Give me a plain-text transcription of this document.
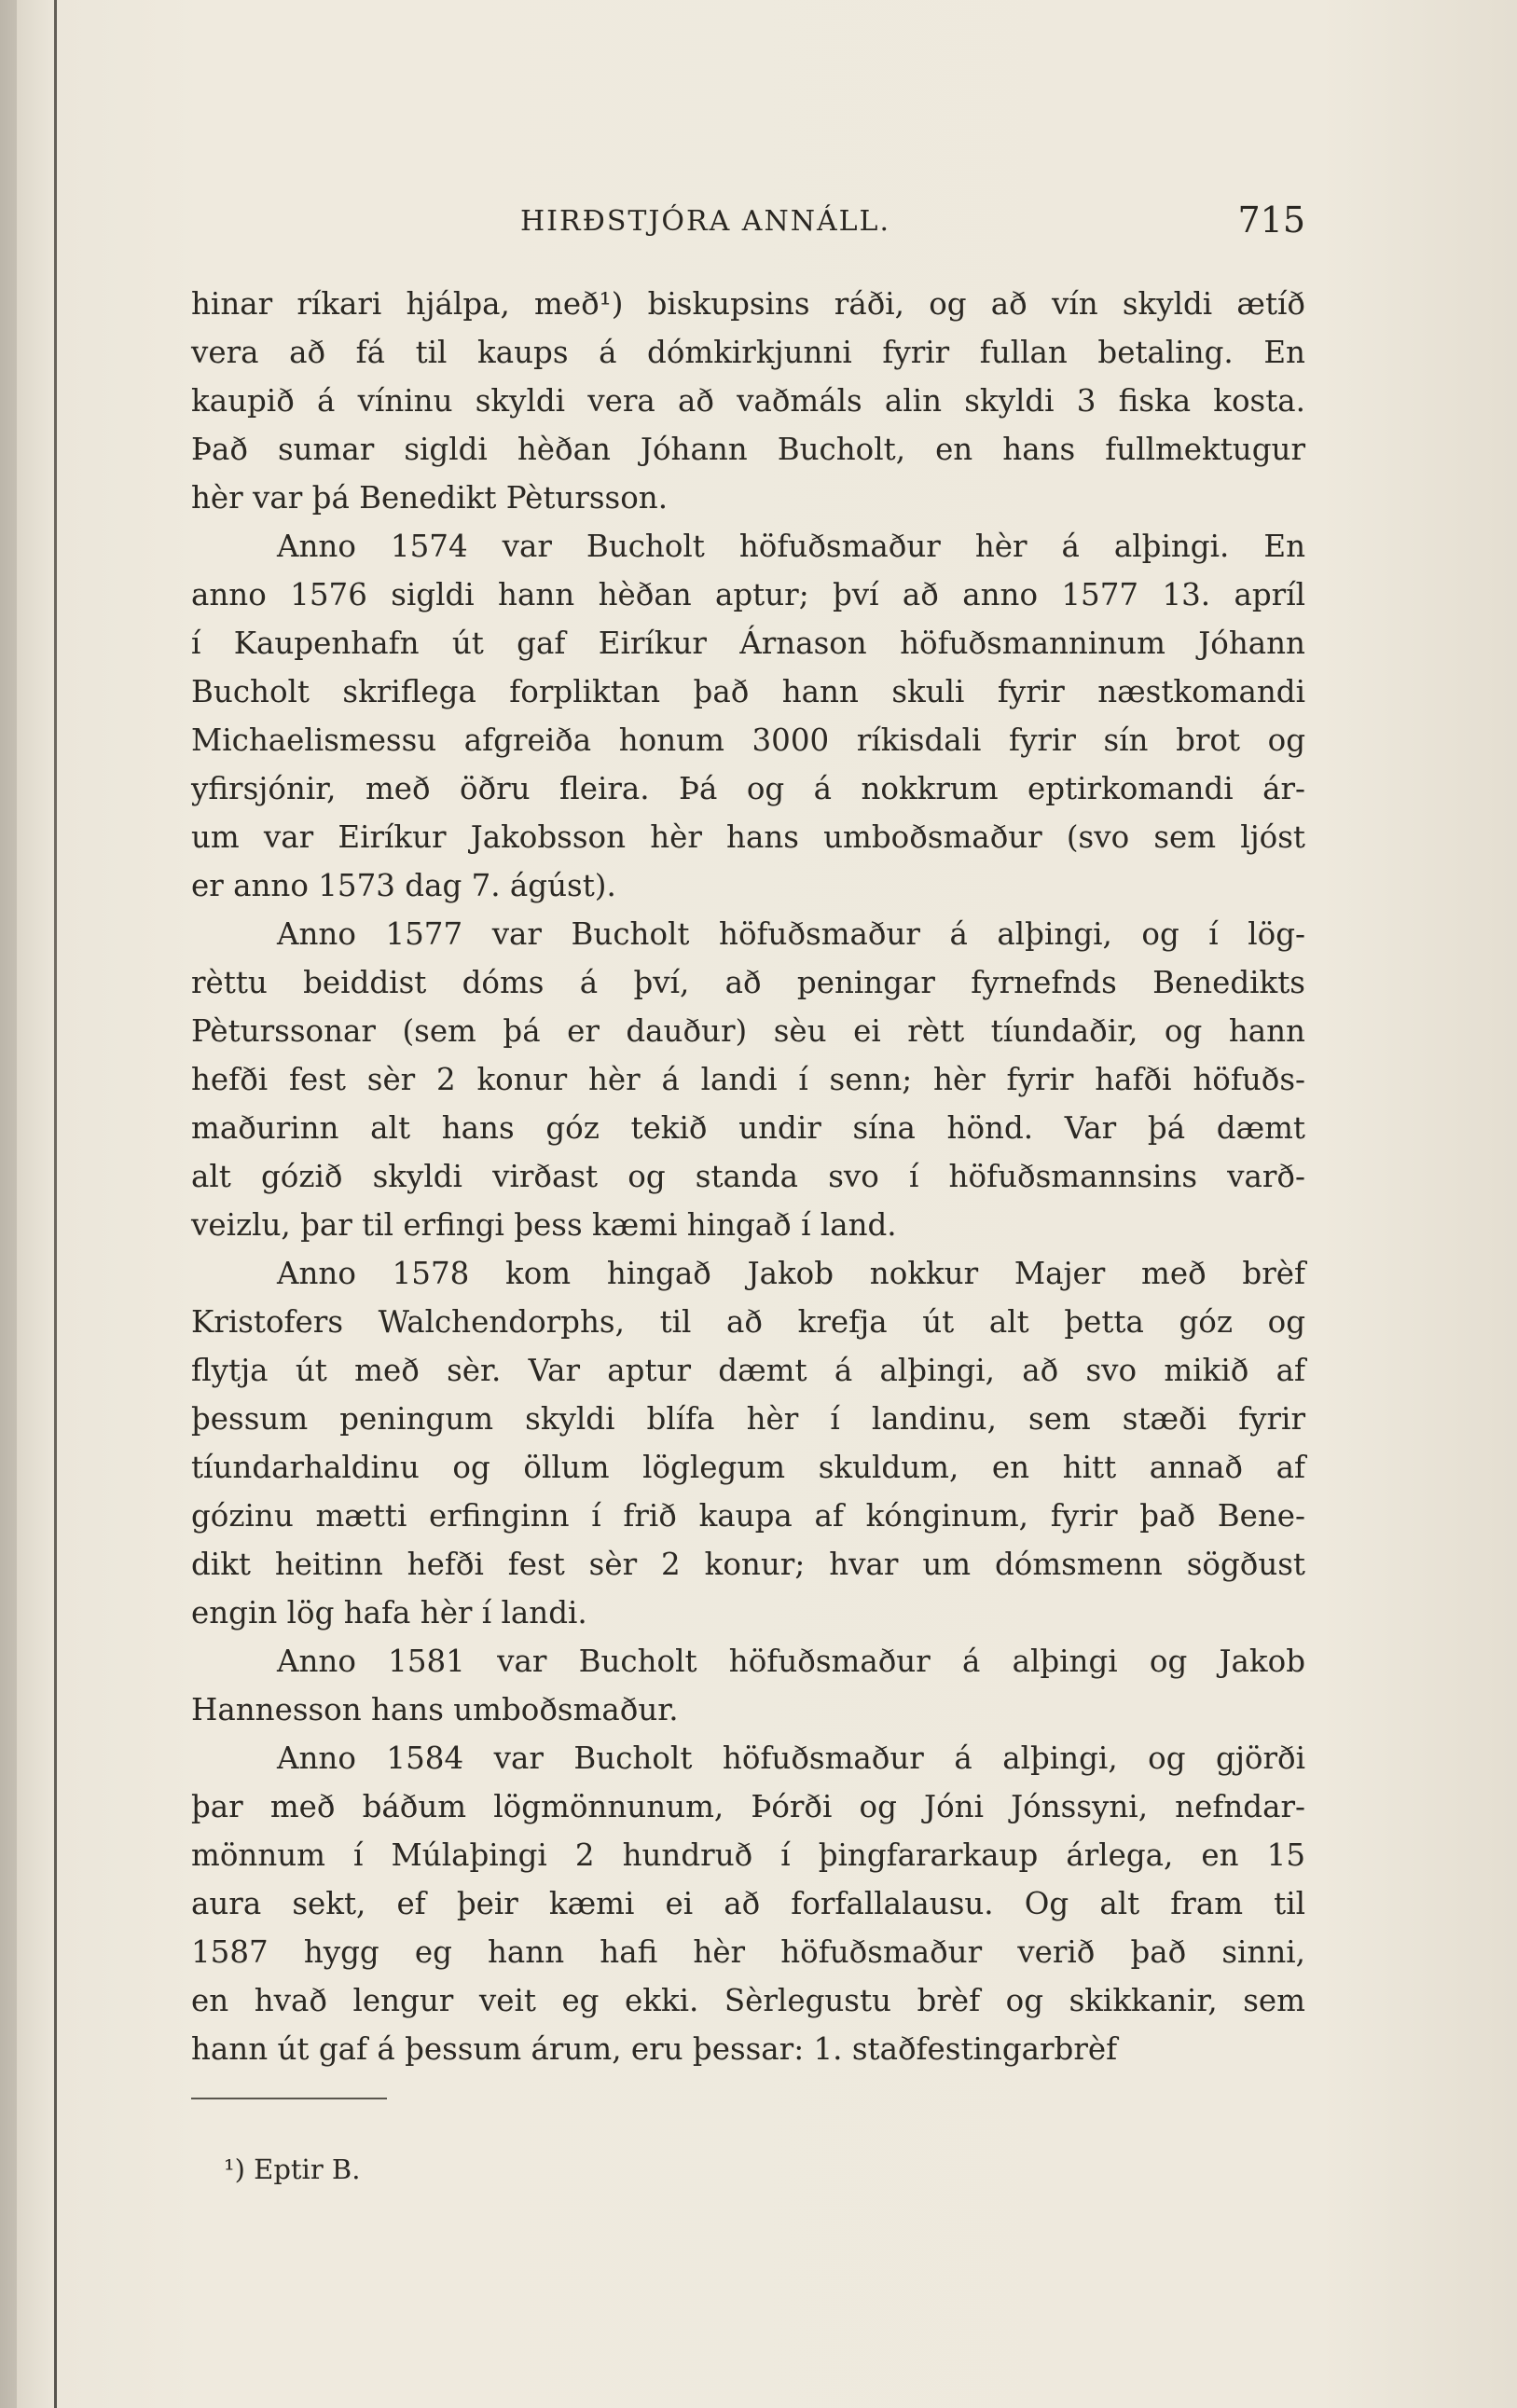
HIRÐSTJÓRA ANNÁLL.	715
hinar ríkari hjálpa, með¹) biskupsins ráði, og að vín skyldi ætíð
vera að fá til kaups á dómkirkjunni fyrir fullan betaling. En
kaupið á víninu skyldi vera að vaðmáls alin skyldi 3 fiska kosta.
Það sumar sigldi hèðan Jóhann Bucholt, en hans fullmektugur
hèr var þá Benedikt Pètursson.
Anno 1574 var Bucholt höfuðsmaður hèr á alþingi. En
anno 1576 sigldi hann hèðan aptur; því að anno 1577 13. apríl
í Kaupenhafn út gaf Eiríkur Árnason höfuðsmanninum Jóhann
Bucholt skriflega forpliktan það hann skuli fyrir næstkomandi
Michaelismessu afgreiða honum 3000 ríkisdali fyrir sín brot og
yfirsjónir, með öðru fleira. Þá og á nokkrum eptirkomandi ár-
um var Eiríkur Jakobsson hèr hans umboðsmaður (svo sem ljóst
er anno 1573 dag 7. ágúst).
Anno 1577 var Bucholt höfuðsmaður á alþingi, og í lög-
rèttu beiddist dóms á því, að peningar fyrnefnds Benedikts
Pèturssonar (sem þá er dauður) sèu ei rètt tíundaðir, og hann
hefði fest sèr 2 konur hèr á landi í senn; hèr fyrir hafði höfuðs-
maðurinn alt hans góz tekið undir sína hönd. Var þá dæmt
alt gózið skyldi virðast og standa svo í höfuðsmannsins varð-
veizlu, þar til erfingi þess kæmi hingað í land.
Anno 1578 kom hingað Jakob nokkur Majer með brèf
Kristofers Walchendorphs, til að krefja út alt þetta góz og
flytja út með sèr. Var aptur dæmt á alþingi, að svo mikið af
þessum peningum skyldi blífa hèr í landinu, sem stæði fyrir
tíundarhaldinu og öllum löglegum skuldum, en hitt annað af
gózinu mætti erfinginn í frið kaupa af kónginum, fyrir það Bene-
dikt heitinn hefði fest sèr 2 konur; hvar um dómsmenn sögðust
engin lög hafa hèr í landi.
Anno 1581 var Bucholt höfuðsmaður á alþingi og Jakob
Hannesson hans umboðsmaður.
Anno 1584 var Bucholt höfuðsmaður á alþingi, og gjörði
þar með báðum lögmönnunum, Þórði og Jóni Jónssyni, nefndar-
mönnum í Múlaþingi 2 hundruð í þingfararkaup árlega, en 15
aura sekt, ef þeir kæmi ei að forfallalausu. Og alt fram til
1587 hygg eg hann hafi hèr höfuðsmaður verið það sinni,
en hvað lengur veit eg ekki. Sèrlegustu brèf og skikkanir, sem
hann út gaf á þessum árum, eru þessar: 1. staðfestingarbrèf
¹) Eptir B.
